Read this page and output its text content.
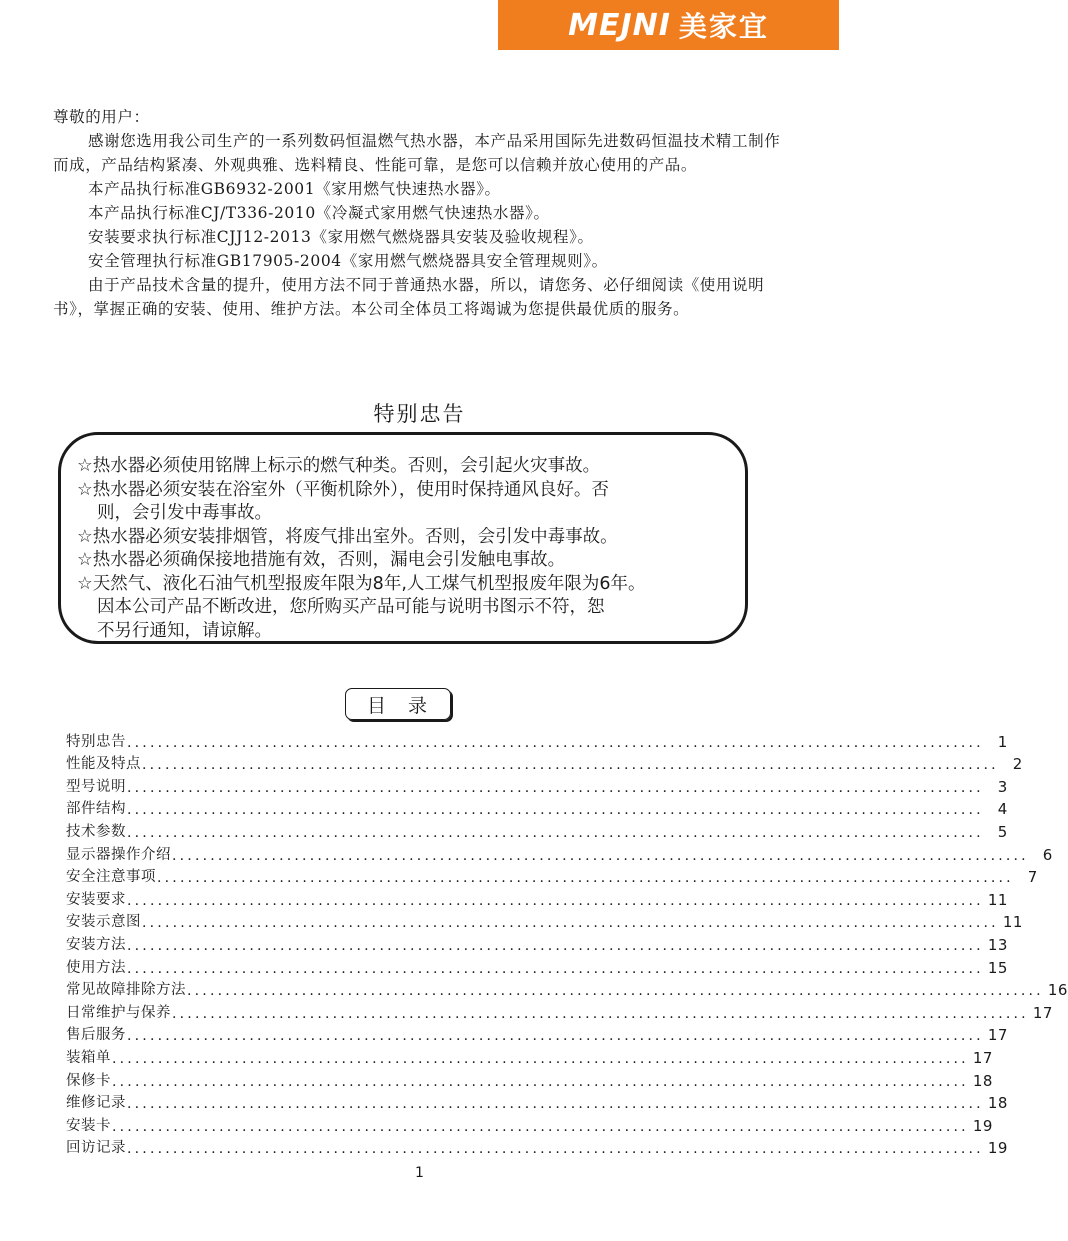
MEJNI 美家宜

尊敬的用户：

感谢您选用我公司生产的一系列数码恒温燃气热水器，本产品采用国际先进数码恒温技术精工制作而成，产品结构紧凑、外观典雅、选料精良、性能可靠，是您可以信赖并放心使用的产品。

本产品执行标准GB6932-2001《家用燃气快速热水器》。

本产品执行标准CJ/T336-2010《冷凝式家用燃气快速热水器》。

安装要求执行标准CJJ12-2013《家用燃气燃烧器具安装及验收规程》。

安全管理执行标准GB17905-2004《家用燃气燃烧器具安全管理规则》。

由于产品技术含量的提升，使用方法不同于普通热水器，所以，请您务、必仔细阅读《使用说明书》，掌握正确的安装、使用、维护方法。本公司全体员工将竭诚为您提供最优质的服务。

特别忠告
☆热水器必须使用铭牌上标示的燃气种类。否则，会引起火灾事故。
☆热水器必须安装在浴室外（平衡机除外），使用时保持通风良好。否
则，会引发中毒事故。
☆热水器必须安装排烟管，将废气排出室外。否则，会引发中毒事故。
☆热水器必须确保接地措施有效，否则，漏电会引发触电事故。
☆天然气、液化石油气机型报废年限为8年,人工煤气机型报废年限为6年。
因本公司产品不断改进，您所购买产品可能与说明书图示不符，恕
不另行通知，请谅解。
目录
特别忠告 ................................................................................................................ 1
性能及特点 ................................................................................................................ 2
型号说明 ................................................................................................................ 3
部件结构 ................................................................................................................ 4
技术参数 ................................................................................................................ 5
显示器操作介绍 ................................................................................................................ 6
安全注意事项 ................................................................................................................ 7
安装要求 ................................................................................................................ 11
安装示意图 ................................................................................................................ 11
安装方法 ................................................................................................................ 13
使用方法 ................................................................................................................ 15
常见故障排除方法 ................................................................................................................ 16
日常维护与保养 ................................................................................................................ 17
售后服务 ................................................................................................................ 17
装箱单 ................................................................................................................ 17
保修卡 ................................................................................................................ 18
维修记录 ................................................................................................................ 18
安装卡 ................................................................................................................ 19
回访记录 ................................................................................................................ 19
1
